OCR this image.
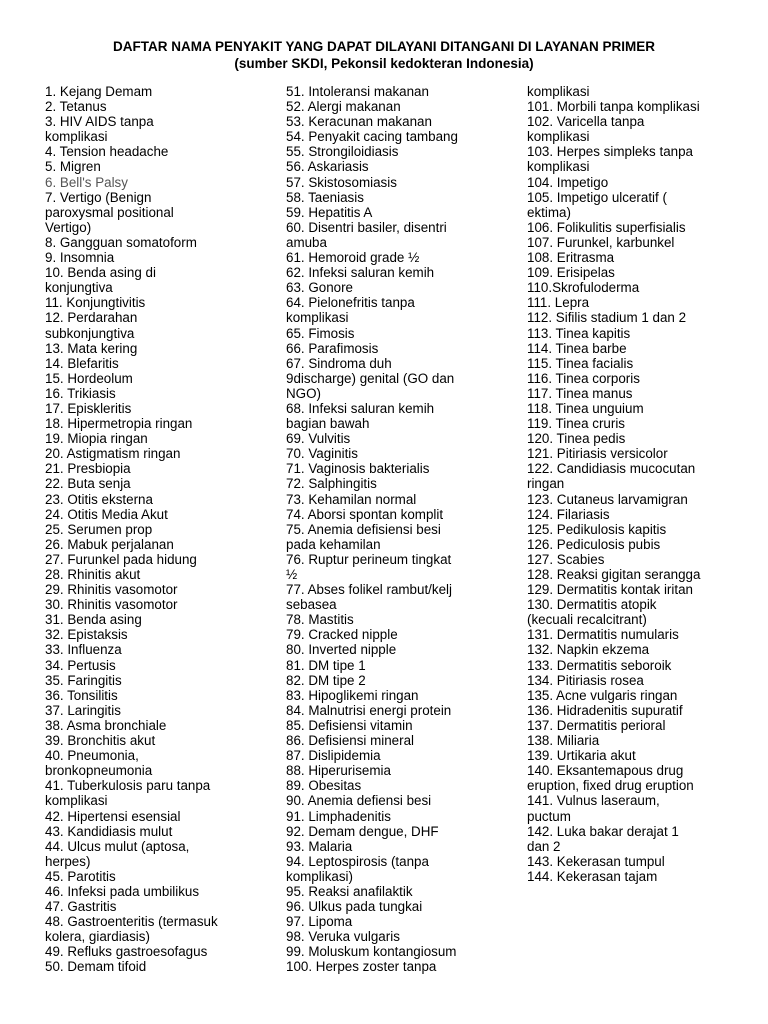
DAFTAR NAMA PENYAKIT YANG DAPAT DILAYANI DITANGANI DI LAYANAN PRIMER
(sumber SKDI, Pekonsil kedokteran Indonesia)
1. Kejang Demam
2. Tetanus
3. HIV AIDS tanpa
komplikasi
4. Tension headache
5. Migren
6. Bell's Palsy
7. Vertigo (Benign
paroxysmal positional
Vertigo)
8. Gangguan somatoform
9. Insomnia
10. Benda asing di
konjungtiva
11. Konjungtivitis
12. Perdarahan
subkonjungtiva
13. Mata kering
14. Blefaritis
15. Hordeolum
16. Trikiasis
17. Episkleritis
18. Hipermetropia ringan
19. Miopia ringan
20. Astigmatism ringan
21. Presbiopia
22. Buta senja
23. Otitis eksterna
24. Otitis Media Akut
25. Serumen prop
26. Mabuk perjalanan
27. Furunkel pada hidung
28. Rhinitis akut
29. Rhinitis vasomotor
30. Rhinitis vasomotor
31. Benda asing
32. Epistaksis
33. Influenza
34. Pertusis
35. Faringitis
36. Tonsilitis
37. Laringitis
38. Asma bronchiale
39. Bronchitis akut
40. Pneumonia,
bronkopneumonia
41. Tuberkulosis paru tanpa
komplikasi
42. Hipertensi esensial
43. Kandidiasis mulut
44. Ulcus mulut (aptosa,
herpes)
45. Parotitis
46. Infeksi pada umbilikus
47. Gastritis
48. Gastroenteritis (termasuk
kolera, giardiasis)
49. Refluks gastroesofagus
50. Demam tifoid
51. Intoleransi makanan
52. Alergi makanan
53. Keracunan makanan
54. Penyakit cacing tambang
55. Strongiloidiasis
56. Askariasis
57. Skistosomiasis
58. Taeniasis
59. Hepatitis A
60. Disentri basiler, disentri
amuba
61. Hemoroid grade ½
62. Infeksi saluran kemih
63. Gonore
64. Pielonefritis tanpa
komplikasi
65. Fimosis
66. Parafimosis
67. Sindroma duh
9discharge) genital (GO dan
NGO)
68. Infeksi saluran kemih
bagian bawah
69. Vulvitis
70. Vaginitis
71. Vaginosis bakterialis
72. Salphingitis
73. Kehamilan normal
74. Aborsi spontan komplit
75. Anemia defisiensi besi
pada kehamilan
76. Ruptur perineum tingkat
½
77. Abses folikel rambut/kelj
sebasea
78. Mastitis
79. Cracked nipple
80. Inverted nipple
81. DM tipe 1
82. DM tipe 2
83. Hipoglikemi ringan
84. Malnutrisi energi protein
85. Defisiensi vitamin
86. Defisiensi mineral
87. Dislipidemia
88. Hiperurisemia
89. Obesitas
90. Anemia defiensi besi
91. Limphadenitis
92. Demam dengue, DHF
93. Malaria
94. Leptospirosis (tanpa
komplikasi)
95. Reaksi anafilaktik
96. Ulkus pada tungkai
97. Lipoma
98. Veruka vulgaris
99. Moluskum kontangiosum
100. Herpes zoster tanpa
komplikasi
101. Morbili tanpa komplikasi
102. Varicella tanpa
komplikasi
103. Herpes simpleks tanpa
komplikasi
104. Impetigo
105. Impetigo ulceratif (
ektima)
106. Folikulitis superfisialis
107. Furunkel, karbunkel
108. Eritrasma
109. Erisipelas
110.Skrofuloderma
111. Lepra
112. Sifilis stadium 1 dan 2
113. Tinea kapitis
114. Tinea barbe
115. Tinea facialis
116. Tinea corporis
117. Tinea manus
118. Tinea unguium
119. Tinea cruris
120. Tinea pedis
121. Pitiriasis versicolor
122. Candidiasis mucocutan
ringan
123. Cutaneus larvamigran
124. Filariasis
125. Pedikulosis kapitis
126. Pediculosis pubis
127. Scabies
128. Reaksi gigitan serangga
129. Dermatitis kontak iritan
130. Dermatitis atopik
(kecuali recalcitrant)
131. Dermatitis numularis
132. Napkin ekzema
133. Dermatitis seboroik
134. Pitiriasis rosea
135. Acne vulgaris ringan
136. Hidradenitis supuratif
137. Dermatitis perioral
138. Miliaria
139. Urtikaria akut
140. Eksantemapous drug
eruption, fixed drug eruption
141. Vulnus laseraum,
puctum
142. Luka bakar derajat 1
dan 2
143. Kekerasan tumpul
144. Kekerasan tajam
